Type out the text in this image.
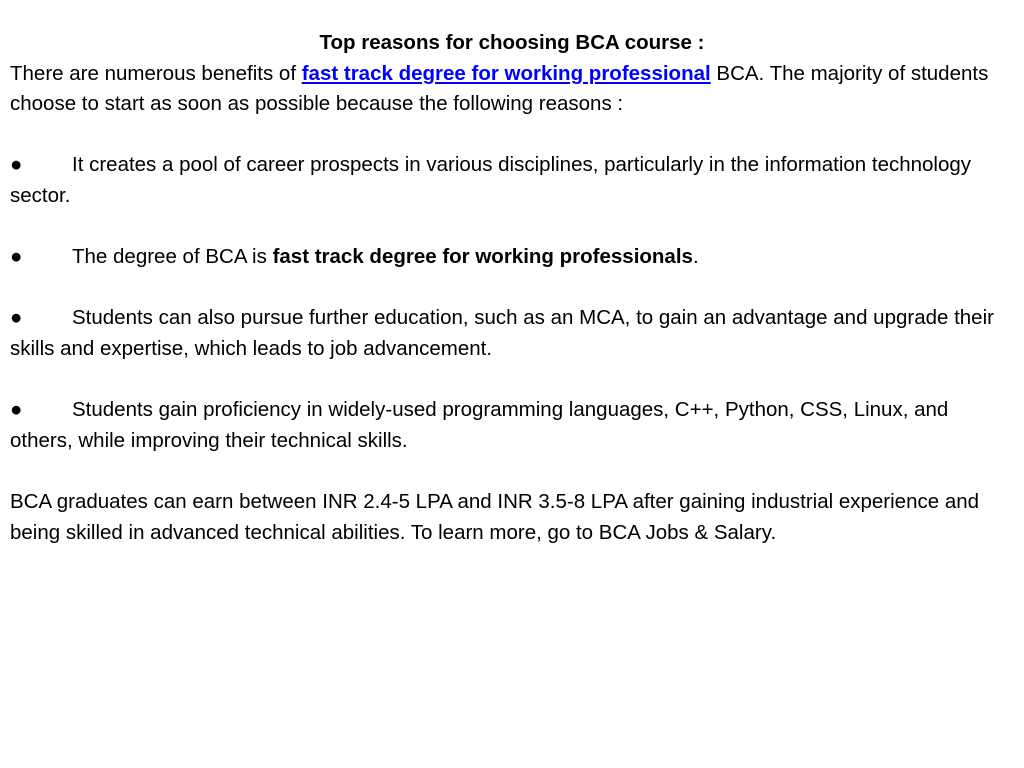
Top reasons for choosing BCA course :

There are numerous benefits of fast track degree for working professional BCA. The majority of students choose to start as soon as possible because the following reasons :

● It creates a pool of career prospects in various disciplines, particularly in the information technology sector.

● The degree of BCA is fast track degree for working professionals.

● Students can also pursue further education, such as an MCA, to gain an advantage and upgrade their skills and expertise, which leads to job advancement.

● Students gain proficiency in widely-used programming languages, C++, Python, CSS, Linux, and others, while improving their technical skills.

BCA graduates can earn between INR 2.4-5 LPA and INR 3.5-8 LPA after gaining industrial experience and being skilled in advanced technical abilities. To learn more, go to BCA Jobs & Salary.
